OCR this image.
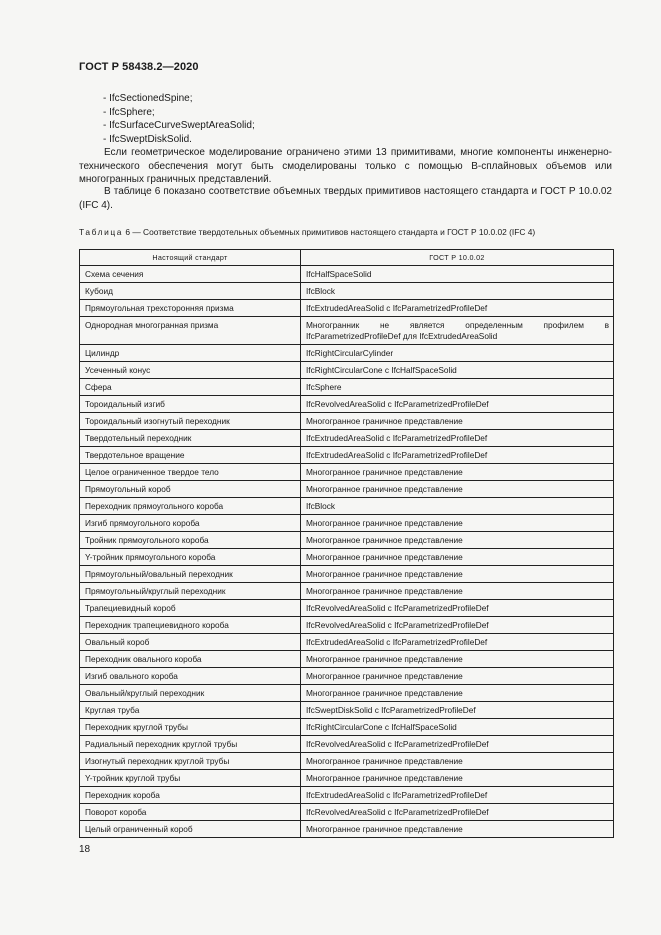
ГОСТ Р 58438.2—2020
- IfcSectionedSpine;
- IfcSphere;
- IfcSurfaceCurveSweptAreaSolid;
- IfcSweptDiskSolid.
Если геометрическое моделирование ограничено этими 13 примитивами, многие компоненты инженерно-технического обеспечения могут быть смоделированы только с помощью В-сплайновых объемов или многогранных граничных представлений.
В таблице 6 показано соответствие объемных твердых примитивов настоящего стандарта и ГОСТ Р 10.0.02 (IFC 4).
Таблица 6 — Соответствие твердотельных объемных примитивов настоящего стандарта и ГОСТ Р 10.0.02 (IFC 4)
Настоящий стандарт	ГОСТ Р 10.0.02
Схема сечения	IfcHalfSpaceSolid
Кубоид	IfcBlock
Прямоугольная трехсторонняя призма	IfcExtrudedAreaSolid с IfcParametrizedProfileDef
Однородная многогранная призма	Многогранник не является определенным профилем в IfcParametrizedProfileDef для IfcExtrudedAreaSolid
Цилиндр	IfcRightCircularCylinder
Усеченный конус	IfcRightCircularCone с IfcHalfSpaceSolid
Сфера	IfcSphere
Тороидальный изгиб	IfcRevolvedAreaSolid с IfcParametrizedProfileDef
Тороидальный изогнутый переходник	Многогранное граничное представление
Твердотельный переходник	IfcExtrudedAreaSolid с IfcParametrizedProfileDef
Твердотельное вращение	IfcExtrudedAreaSolid с IfcParametrizedProfileDef
Целое ограниченное твердое тело	Многогранное граничное представление
Прямоугольный короб	Многогранное граничное представление
Переходник прямоугольного короба	IfcBlock
Изгиб прямоугольного короба	Многогранное граничное представление
Тройник прямоугольного короба	Многогранное граничное представление
Y-тройник прямоугольного короба	Многогранное граничное представление
Прямоугольный/овальный переходник	Многогранное граничное представление
Прямоугольный/круглый переходник	Многогранное граничное представление
Трапециевидный короб	IfcRevolvedAreaSolid с IfcParametrizedProfileDef
Переходник трапециевидного короба	IfcRevolvedAreaSolid с IfcParametrizedProfileDef
Овальный короб	IfcExtrudedAreaSolid с IfcParametrizedProfileDef
Переходник овального короба	Многогранное граничное представление
Изгиб овального короба	Многогранное граничное представление
Овальный/круглый переходник	Многогранное граничное представление
Круглая труба	IfcSweptDiskSolid с IfcParametrizedProfileDef
Переходник круглой трубы	IfcRightCircularCone с IfcHalfSpaceSolid
Радиальный переходник круглой трубы	IfcRevolvedAreaSolid с IfcParametrizedProfileDef
Изогнутый переходник круглой трубы	Многогранное граничное представление
Y-тройник круглой трубы	Многогранное граничное представление
Переходник короба	IfcExtrudedAreaSolid с IfcParametrizedProfileDef
Поворот короба	IfcRevolvedAreaSolid с IfcParametrizedProfileDef
Целый ограниченный короб	Многогранное граничное представление
18
